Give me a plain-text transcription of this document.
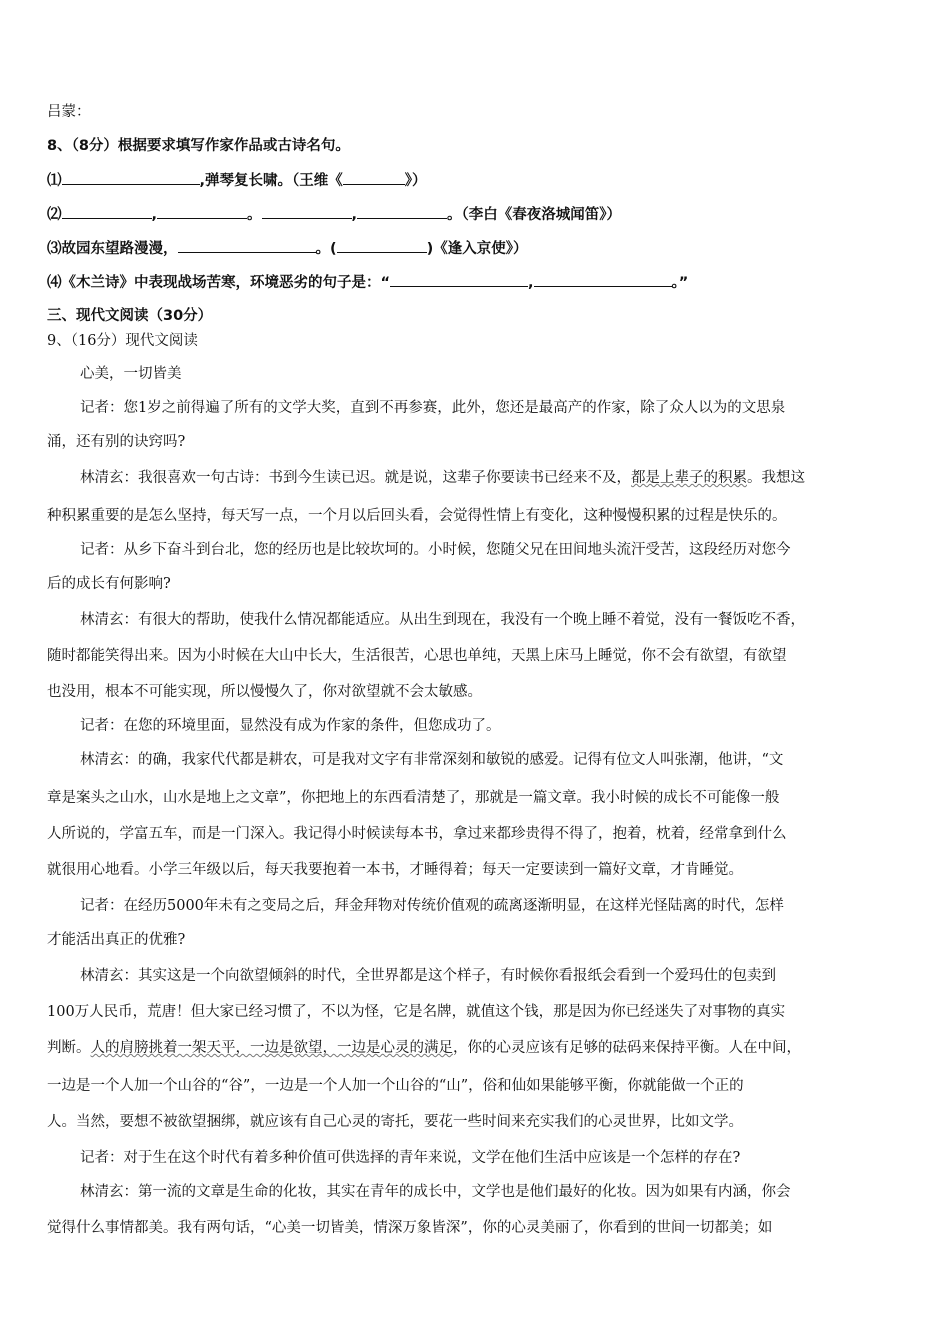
吕蒙：
8、（8分）根据要求填写作家作品或古诗名句。
⑴	,弹琴复长啸。（王维《	》）
⑵	,	。	,	。（李白《春夜洛城闻笛》）
⑶故园东望路漫漫，	。(	)《逢入京使》）
⑷《木兰诗》中表现战场苦寒，环境恶劣的句子是：“	,	。”
三、现代文阅读（30分）
9、（16分）现代文阅读
心美，一切皆美
记者：您1岁之前得遍了所有的文学大奖，直到不再参赛，此外，您还是最高产的作家，除了众人以为的文思泉
涌，还有别的诀窍吗?
林清玄：我很喜欢一句古诗：书到今生读已迟。就是说，这辈子你要读书已经来不及，都是上辈子的积累。我想这
种积累重要的是怎么坚持，每天写一点，一个月以后回头看，会觉得性情上有变化，这种慢慢积累的过程是快乐的。
记者：从乡下奋斗到台北，您的经历也是比较坎坷的。小时候，您随父兄在田间地头流汗受苦，这段经历对您今
后的成长有何影响?
林清玄：有很大的帮助，使我什么情况都能适应。从出生到现在，我没有一个晚上睡不着觉，没有一餐饭吃不香，
随时都能笑得出来。因为小时候在大山中长大，生活很苦，心思也单纯，天黑上床马上睡觉，你不会有欲望，有欲望
也没用，根本不可能实现，所以慢慢久了，你对欲望就不会太敏感。
记者：在您的环境里面，显然没有成为作家的条件，但您成功了。
林清玄：的确，我家代代都是耕农，可是我对文字有非常深刻和敏锐的感爱。记得有位文人叫张潮，他讲，“文
章是案头之山水，山水是地上之文章”，你把地上的东西看清楚了，那就是一篇文章。我小时候的成长不可能像一般
人所说的，学富五车，而是一门深入。我记得小时候读每本书，拿过来都珍贵得不得了，抱着，枕着，经常拿到什么
就很用心地看。小学三年级以后，每天我要抱着一本书，才睡得着；每天一定要读到一篇好文章，才肯睡觉。
记者：在经历5000年未有之变局之后，拜金拜物对传统价值观的疏离逐渐明显，在这样光怪陆离的时代，怎样
才能活出真正的优雅?
林清玄：其实这是一个向欲望倾斜的时代，全世界都是这个样子，有时候你看报纸会看到一个爱玛仕的包卖到
100万人民币，荒唐！但大家已经习惯了，不以为怪，它是名牌，就值这个钱，那是因为你已经迷失了对事物的真实
判断。人的肩膀挑着一架天平，一边是欲望，一边是心灵的满足，你的心灵应该有足够的砝码来保持平衡。人在中间，
一边是一个人加一个山谷的“谷”，一边是一个人加一个山谷的“山”，俗和仙如果能够平衡，你就能做一个正的
人。当然，要想不被欲望捆绑，就应该有自己心灵的寄托，要花一些时间来充实我们的心灵世界，比如文学。
记者：对于生在这个时代有着多种价值可供选择的青年来说，文学在他们生活中应该是一个怎样的存在?
林清玄：第一流的文章是生命的化妆，其实在青年的成长中，文学也是他们最好的化妆。因为如果有内涵，你会
觉得什么事情都美。我有两句话，“心美一切皆美，情深万象皆深”，你的心灵美丽了，你看到的世间一切都美；如
